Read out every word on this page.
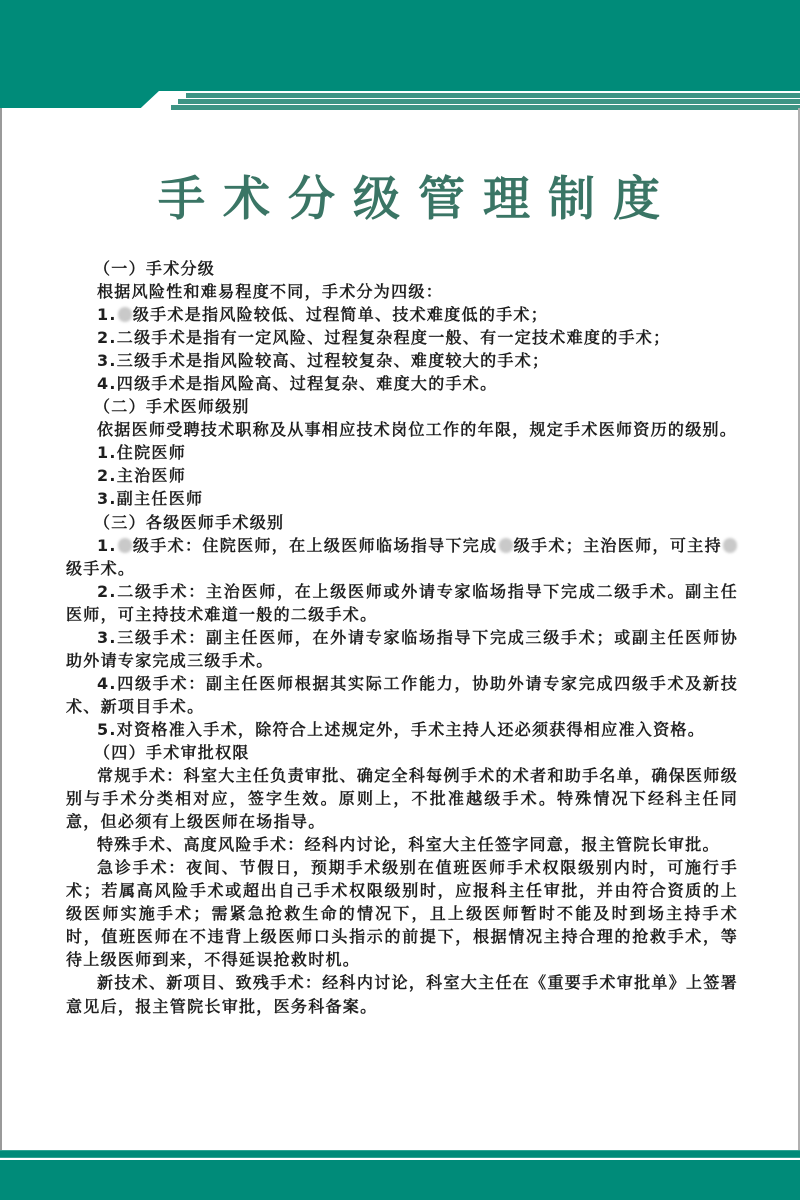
手术分级管理制度

（一）手术分级

根据风险性和难易程度不同，手术分为四级：

1. 级手术是指风险较低、过程简单、技术难度低的手术；

2.二级手术是指有一定风险、过程复杂程度一般、有一定技术难度的手术；

3.三级手术是指风险较高、过程较复杂、难度较大的手术；

4.四级手术是指风险高、过程复杂、难度大的手术。

（二）手术医师级别

依据医师受聘技术职称及从事相应技术岗位工作的年限，规定手术医师资历的级别。

1.住院医师

2.主治医师

3.副主任医师

（三）各级医师手术级别

1. 级手术：住院医师，在上级医师临场指导下完成 级手术；主治医师，可主持级手术。

2.二级手术：主治医师，在上级医师或外请专家临场指导下完成二级手术。副主任医师，可主持技术难道一般的二级手术。

3.三级手术：副主任医师，在外请专家临场指导下完成三级手术；或副主任医师协助外请专家完成三级手术。

4.四级手术：副主任医师根据其实际工作能力，协助外请专家完成四级手术及新技术、新项目手术。

5.对资格准入手术，除符合上述规定外，手术主持人还必须获得相应准入资格。

（四）手术审批权限

常规手术：科室大主任负责审批、确定全科每例手术的术者和助手名单，确保医师级别与手术分类相对应，签字生效。原则上，不批准越级手术。特殊情况下经科主任同意，但必须有上级医师在场指导。

特殊手术、高度风险手术：经科内讨论，科室大主任签字同意，报主管院长审批。

急诊手术：夜间、节假日，预期手术级别在值班医师手术权限级别内时，可施行手术；若属高风险手术或超出自己手术权限级别时，应报科主任审批，并由符合资质的上级医师实施手术；需紧急抢救生命的情况下，且上级医师暂时不能及时到场主持手术时，值班医师在不违背上级医师口头指示的前提下，根据情况主持合理的抢救手术，等待上级医师到来，不得延误抢救时机。

新技术、新项目、致残手术：经科内讨论，科室大主任在《重要手术审批单》上签署意见后，报主管院长审批，医务科备案。
